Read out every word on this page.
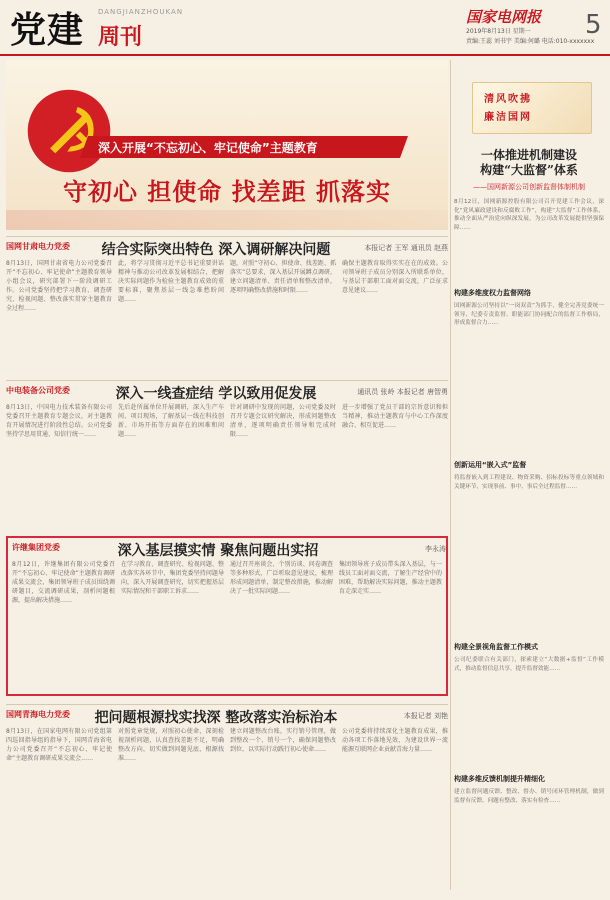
党建 DANGJIANZHOUKAN
周刊
国家电网报
2019年8月13日 星期一
责编:王蕊 刘书宇 美编:何璐 电话:010-xxxxxxx
5
深入开展“不忘初心、牢记使命”主题教育
守初心 担使命 找差距 抓落实
国网甘肃电力党委	结合实际突出特色 深入调研解决问题	本报记者 王军 通讯员 赵燕

8月13日，国网甘肃省电力公司党委召开“不忘初心、牢记使命”主题教育领导小组会议，研究部署下一阶段调研工作。公司党委坚持把学习教育、调查研究、检视问题、整改落实贯穿主题教育全过程……

此，将学习贯彻习近平总书记重要讲话精神与推动公司改革发展相结合，把解决实际问题作为检验主题教育成效的重要标准，聚焦基层一线急难愁盼问题……

题，对照“守初心、担使命、找差距、抓落实”总要求，深入基层开展蹲点调研，建立问题清单、责任清单和整改清单，逐项明确整改措施和时限……

确保主题教育取得实实在在的成效。公司领导班子成员分别深入所联系单位，与基层干部职工面对面交流，广泛征求意见建议……

中电装备公司党委	深入一线查症结 学以致用促发展	通讯员 张岭 本报记者 唐智勇

8月13日，中国电力技术装备有限公司党委召开主题教育专题会议，对主题教育开展情况进行阶段性总结。公司党委坚持学思用贯通、知信行统一……

先后赴所属单位开展调研，深入生产车间、项目现场，了解基层一线在科技创新、市场开拓等方面存在的困难和问题……

针对调研中发现的问题，公司党委及时召开专题会议研究解决，形成问题整改清单，逐项明确责任领导和完成时限……

进一步增强了党员干部的宗旨意识和担当精神，推动主题教育与中心工作深度融合、相互促进……

许继集团党委	深入基层摸实情 聚焦问题出实招	李永涛

8月12日，许继集团有限公司党委召开“不忘初心、牢记使命”主题教育调研成果交流会，集团领导班子成员围绕调研题目，交流调研成果，剖析问题根源，提出解决措施……

在学习教育、调查研究、检视问题、整改落实各环节中，集团党委坚持问题导向，深入开展调查研究，切实把握基层实际情况和干部职工诉求……

通过召开座谈会、个别访谈、问卷调查等多种形式，广泛听取意见建议，梳理形成问题清单，制定整改措施，推动解决了一批实际问题……

集团领导班子成员带头深入基层，与一线员工面对面交流，了解生产经营中的困难，帮助解决实际问题，推动主题教育走深走实……

国网青海电力党委	把问题根源找实找深 整改落实治标治本	本报记者 刘艳

8月13日，在国家电网有限公司党组第四巡回指导组的指导下，国网青海省电力公司党委召开“不忘初心、牢记使命”主题教育调研成果交流会……

对照党章党规，对照初心使命，深刻检视剖析问题，认真查找差距不足，明确整改方向，切实做到问题见底、根源找准……

建立问题整改台账，实行销号管理，做到整改一个、销号一个，确保问题整改到位，以实际行动践行初心使命……

公司党委将持续深化主题教育成果，推动各项工作落地见效，为建设世界一流能源互联网企业贡献青海力量……

清风吹拂
廉洁国网
一体推进机制建设
构建“大监督”体系
——国网新源公司创新监督体制机制
8月12日，国网新源控股有限公司召开党建工作会议，深化“党风廉政建设和反腐败工作”，构建“大监督”工作体系，推动全面从严治党向纵深发展，为公司改革发展提供坚强保障……
构建多维度权力监督网络
国网新源公司坚持以“一岗双责”为抓手，健全完善党委统一领导、纪委专责监督、职能部门协同配合的监督工作格局，形成监督合力……
创新运用“嵌入式”监督
将监督嵌入到工程建设、物资采购、招标投标等重点领域和关键环节，实现事前、事中、事后全过程监督……
构建全景视角监督工作模式
公司纪委联合有关部门，探索建立“大数据+监督”工作模式，推动监督信息共享，提升监督效能……
构建多维反馈机制提升精细化
建立监督问题反馈、整改、督办、销号闭环管理机制，做到监督有反馈、问题有整改、落实有检查……
